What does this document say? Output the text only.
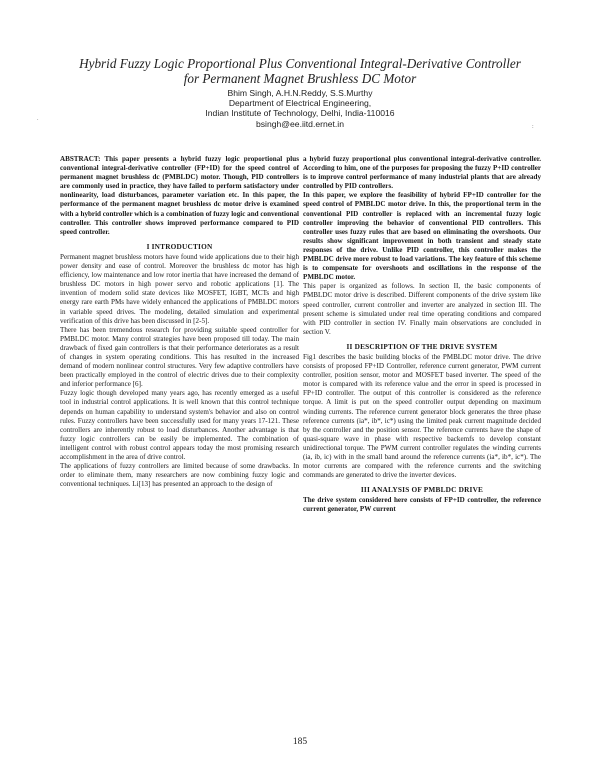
Hybrid Fuzzy Logic Proportional Plus Conventional Integral-Derivative Controller
for Permanent Magnet Brushless DC Motor
Bhim Singh, A.H.N.Reddy, S.S.Murthy
Department of Electrical Engineering,
Indian Institute of Technology, Delhi, India-110016
bsingh@ee.iitd.ernet.in
.
:

ABSTRACT: This paper presents a hybrid fuzzy logic proportional plus conventional integral-derivative controller (FP+ID) for the speed control of permanent magnet brushless dc (PMBLDC) motor. Though, PID controllers are commonly used in practice, they have failed to perform satisfactory under nonlinearity, load disturbances, parameter variation etc. In this paper, the performance of the permanent magnet brushless dc motor drive is examined with a hybrid controller which is a combination of fuzzy logic and conventional controller. This controller shows improved performance compared to PID speed controller.

I INTRODUCTION

Permanent magnet brushless motors have found wide applications due to their high power density and ease of control. Moreover the brushless dc motor has high efficiency, low maintenance and low rotor inertia that have increased the demand of brushless DC motors in high power servo and robotic applications [1]. The invention of modern solid state devices like MOSFET, IGBT, MCTs and high energy rare earth PMs have widely enhanced the applications of PMBLDC motors in variable speed drives. The modeling, detailed simulation and experimental verification of this drive has been discussed in [2-5].

There has been tremendous research for providing suitable speed controller for PMBLDC motor. Many control strategies have been proposed till today. The main drawback of fixed gain controllers is that their performance deteriorates as a result of changes in system operating conditions. This has resulted in the increased demand of modern nonlinear control structures. Very few adaptive controllers have been practically employed in the control of electric drives due to their complexity and inferior performance [6].

Fuzzy logic though developed many years ago, has recently emerged as a useful tool in industrial control applications. It is well known that this control technique depends on human capability to understand system's behavior and also on control rules. Fuzzy controllers have been successfully used for many years 17-121. These controllers are inherently robust to load disturbances. Another advantage is that fuzzy logic controllers can be easily be implemented. The combination of intelligent control with robust control appears today the most promising research accomplishment in the area of drive control.

The applications of fuzzy controllers are limited because of some drawbacks. In order to eliminate them, many researchers are now combining fuzzy logic and conventional techniques. Li[13] has presented an approach to the design of

a hybrid fuzzy proportional plus conventional integral-derivative controller. According to him, one of the purposes for proposing the fuzzy P+ID controller is to improve control performance of many industrial plants that are already controlled by PID controllers.

In this paper, we explore the feasibility of hybrid FP+ID controller for the speed control of PMBLDC motor drive. In this, the proportional term in the conventional PID controller is replaced with an incremental fuzzy logic controller improving the behavior of conventional PID controllers. This controller uses fuzzy rules that are based on eliminating the overshoots. Our results show significant improvement in both transient and steady state responses of the drive. Unlike PID controller, this controller makes the PMBLDC drive more robust to load variations. The key feature of this scheme is to compensate for overshoots and oscillations in the response of the PMBLDC motor.

This paper is organized as follows. In section II, the basic components of PMBLDC motor drive is described. Different components of the drive system like speed controller, current controller and inverter are analyzed in section III. The present scheme is simulated under real time operating conditions and compared with PID controller in section IV. Finally main observations are concluded in section V.

II DESCRIPTION OF THE DRIVE SYSTEM

Fig1 describes the basic building blocks of the PMBLDC motor drive. The drive consists of proposed FP+ID Controller, reference current generator, PWM current controller, position sensor, motor and MOSFET based inverter. The speed of the motor is compared with its reference value and the error in speed is processed in FP+ID controller. The output of this controller is considered as the reference torque. A limit is put on the speed controller output depending on maximum winding currents. The reference current generator block generates the three phase reference currents (ia*, ib*, ic*) using the limited peak current magnitude decided by the controller and the position sensor. The reference currents have the shape of quasi-square wave in phase with respective backemfs to develop constant unidirectional torque. The PWM current controller regulates the winding currents (ia, ib, ic) with in the small band around the reference currents (ia*, ib*, ic*). The motor currents are compared with the reference currents and the switching commands are generated to drive the inverter devices.

III ANALYSIS OF PMBLDC DRIVE

The drive system considered here consists of FP+ID controller, the reference current generator, PW current

185
